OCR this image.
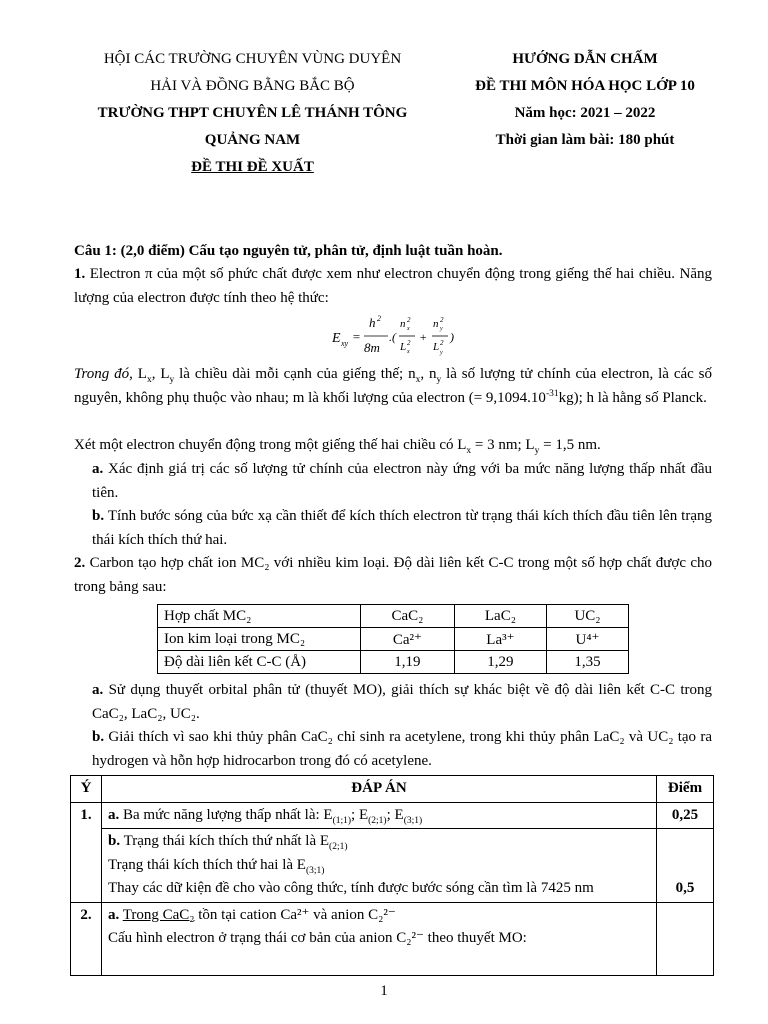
HỘI CÁC TRƯỜNG CHUYÊN VÙNG DUYÊN
HẢI VÀ ĐỒNG BẰNG BẮC BỘ
TRƯỜNG THPT CHUYÊN LÊ THÁNH TÔNG
QUẢNG NAM
ĐỀ THI ĐỀ XUẤT
HƯỚNG DẪN CHẤM
ĐỀ THI MÔN HÓA HỌC LỚP 10
Năm học: 2021 – 2022
Thời gian làm bài: 180 phút
Câu 1: (2,0 điểm) Cấu tạo nguyên tử, phân tử, định luật tuần hoàn.
1. Electron π của một số phức chất được xem như electron chuyển động trong giếng thế hai chiều. Năng lượng của electron được tính theo hệ thức:
E xy =
h 2
8m
.(
n 2
x
L 2
x
+
n 2
y
L 2
y
)
Trong đó, $L_x$, $L_y$ là chiều dài mỗi cạnh của giếng thế; $n_x$, $n_y$ là số lượng tử chính của electron, là các số nguyên, không phụ thuộc vào nhau; m là khối lượng của electron (= $9,1094.10^{-31}kg$); h là hằng số Planck.
Xét một electron chuyển động trong một giếng thế hai chiều có $L_x = 3$ nm; $L_y = 1,5$ nm.
a. Xác định giá trị các số lượng tử chính của electron này ứng với ba mức năng lượng thấp nhất đầu tiên.
b. Tính bước sóng của bức xạ cần thiết để kích thích electron từ trạng thái kích thích đầu tiên lên trạng thái kích thích thứ hai.
2. Carbon tạo hợp chất ion MC₂ với nhiều kim loại. Độ dài liên kết C-C trong một số hợp chất được cho trong bảng sau:
Hợp chất MC₂	CaC₂	LaC₂	UC₂
Ion kim loại trong MC₂	Ca²⁺	La³⁺	U⁴⁺
Độ dài liên kết C-C (Å)	1,19	1,29	1,35
a. Sử dụng thuyết orbital phân tử (thuyết MO), giải thích sự khác biệt về độ dài liên kết C-C trong CaC₂, LaC₂, UC₂.
b. Giải thích vì sao khi thủy phân CaC₂ chỉ sinh ra acetylene, trong khi thủy phân LaC₂ và UC₂ tạo ra hydrogen và hỗn hợp hidrocarbon trong đó có acetylene.
Ý	ĐÁP ÁN	Điểm
1.	a. Ba mức năng lượng thấp nhất là: $E_{(1;1)}$; $E_{(2;1)}$; $E_{(3;1)}$	0,25

	b. Trạng thái kích thích thứ nhất là $E_{(2;1)}$
Trạng thái kích thích thứ hai là $E_{(3;1)}$
Thay các dữ kiện đề cho vào công thức, tính được bước sóng cần tìm là 7425 nm	0,5
2.	a. Trong CaC₂ tồn tại cation Ca²⁺ và anion C₂²⁻
Cấu hình electron ở trạng thái cơ bản của anion C₂²⁻ theo thuyết MO:	

1
